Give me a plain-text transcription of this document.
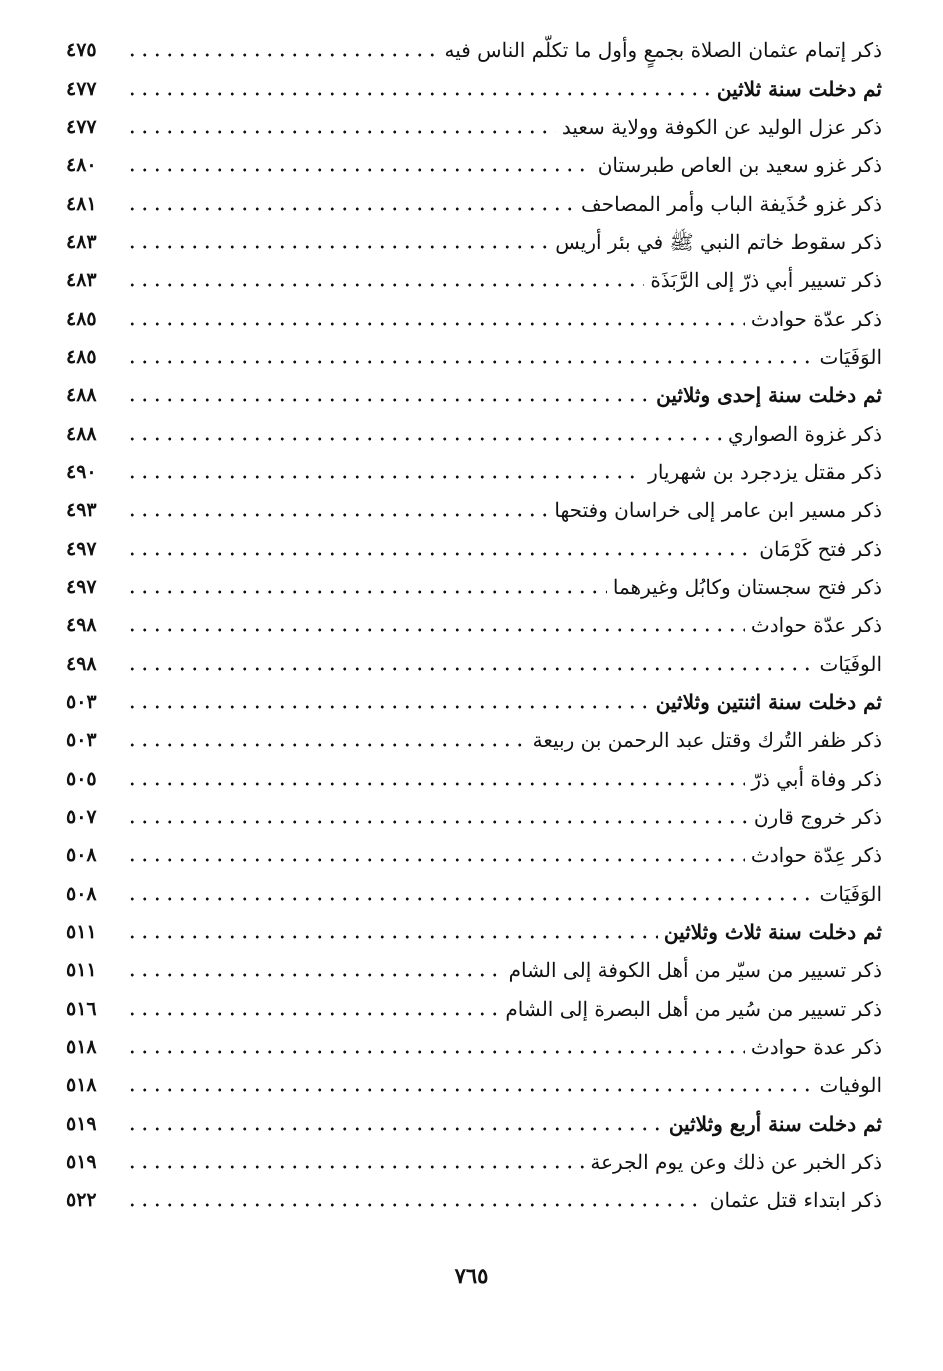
ذكر إتمام عثمان الصلاة بجمعٍ وأول ما تكلّم الناس فيه
٤٧٥
ثم دخلت سنة ثلاثين
٤٧٧
ذكر عزل الوليد عن الكوفة وولاية سعيد
٤٧٧
ذكر غزو سعيد بن العاص طبرستان
٤٨٠
ذكر غزو حُذَيفة الباب وأمر المصاحف
٤٨١
ذكر سقوط خاتم النبي ﷺ في بئر أريس
٤٨٣
ذكر تسيير أبي ذرّ إلى الرَّبَذَة
٤٨٣
ذكر عدّة حوادث
٤٨٥
الوَفَيَات
٤٨٥
ثم دخلت سنة إحدى وثلاثين
٤٨٨
ذكر غزوة الصواري
٤٨٨
ذكر مقتل يزدجرد بن شهريار
٤٩٠
ذكر مسير ابن عامر إلى خراسان وفتحها
٤٩٣
ذكر فتح كَرْمَان
٤٩٧
ذكر فتح سجستان وكابُل وغيرهما
٤٩٧
ذكر عدّة حوادث
٤٩٨
الوفَيَات
٤٩٨
ثم دخلت سنة اثنتين وثلاثين
٥٠٣
ذكر ظفر التُرك وقتل عبد الرحمن بن ربيعة
٥٠٣
ذكر وفاة أبي ذرّ
٥٠٥
ذكر خروج قارن
٥٠٧
ذكر عِدّة حوادث
٥٠٨
الوَفَيَات
٥٠٨
ثم دخلت سنة ثلاث وثلاثين
٥١١
ذكر تسيير من سيّر من أهل الكوفة إلى الشام
٥١١
ذكر تسيير من سُير من أهل البصرة إلى الشام
٥١٦
ذكر عدة حوادث
٥١٨
الوفيات
٥١٨
ثم دخلت سنة أربع وثلاثين
٥١٩
ذكر الخبر عن ذلك وعن يوم الجرعة
٥١٩
ذكر ابتداء قتل عثمان
٥٢٢
٧٦٥
